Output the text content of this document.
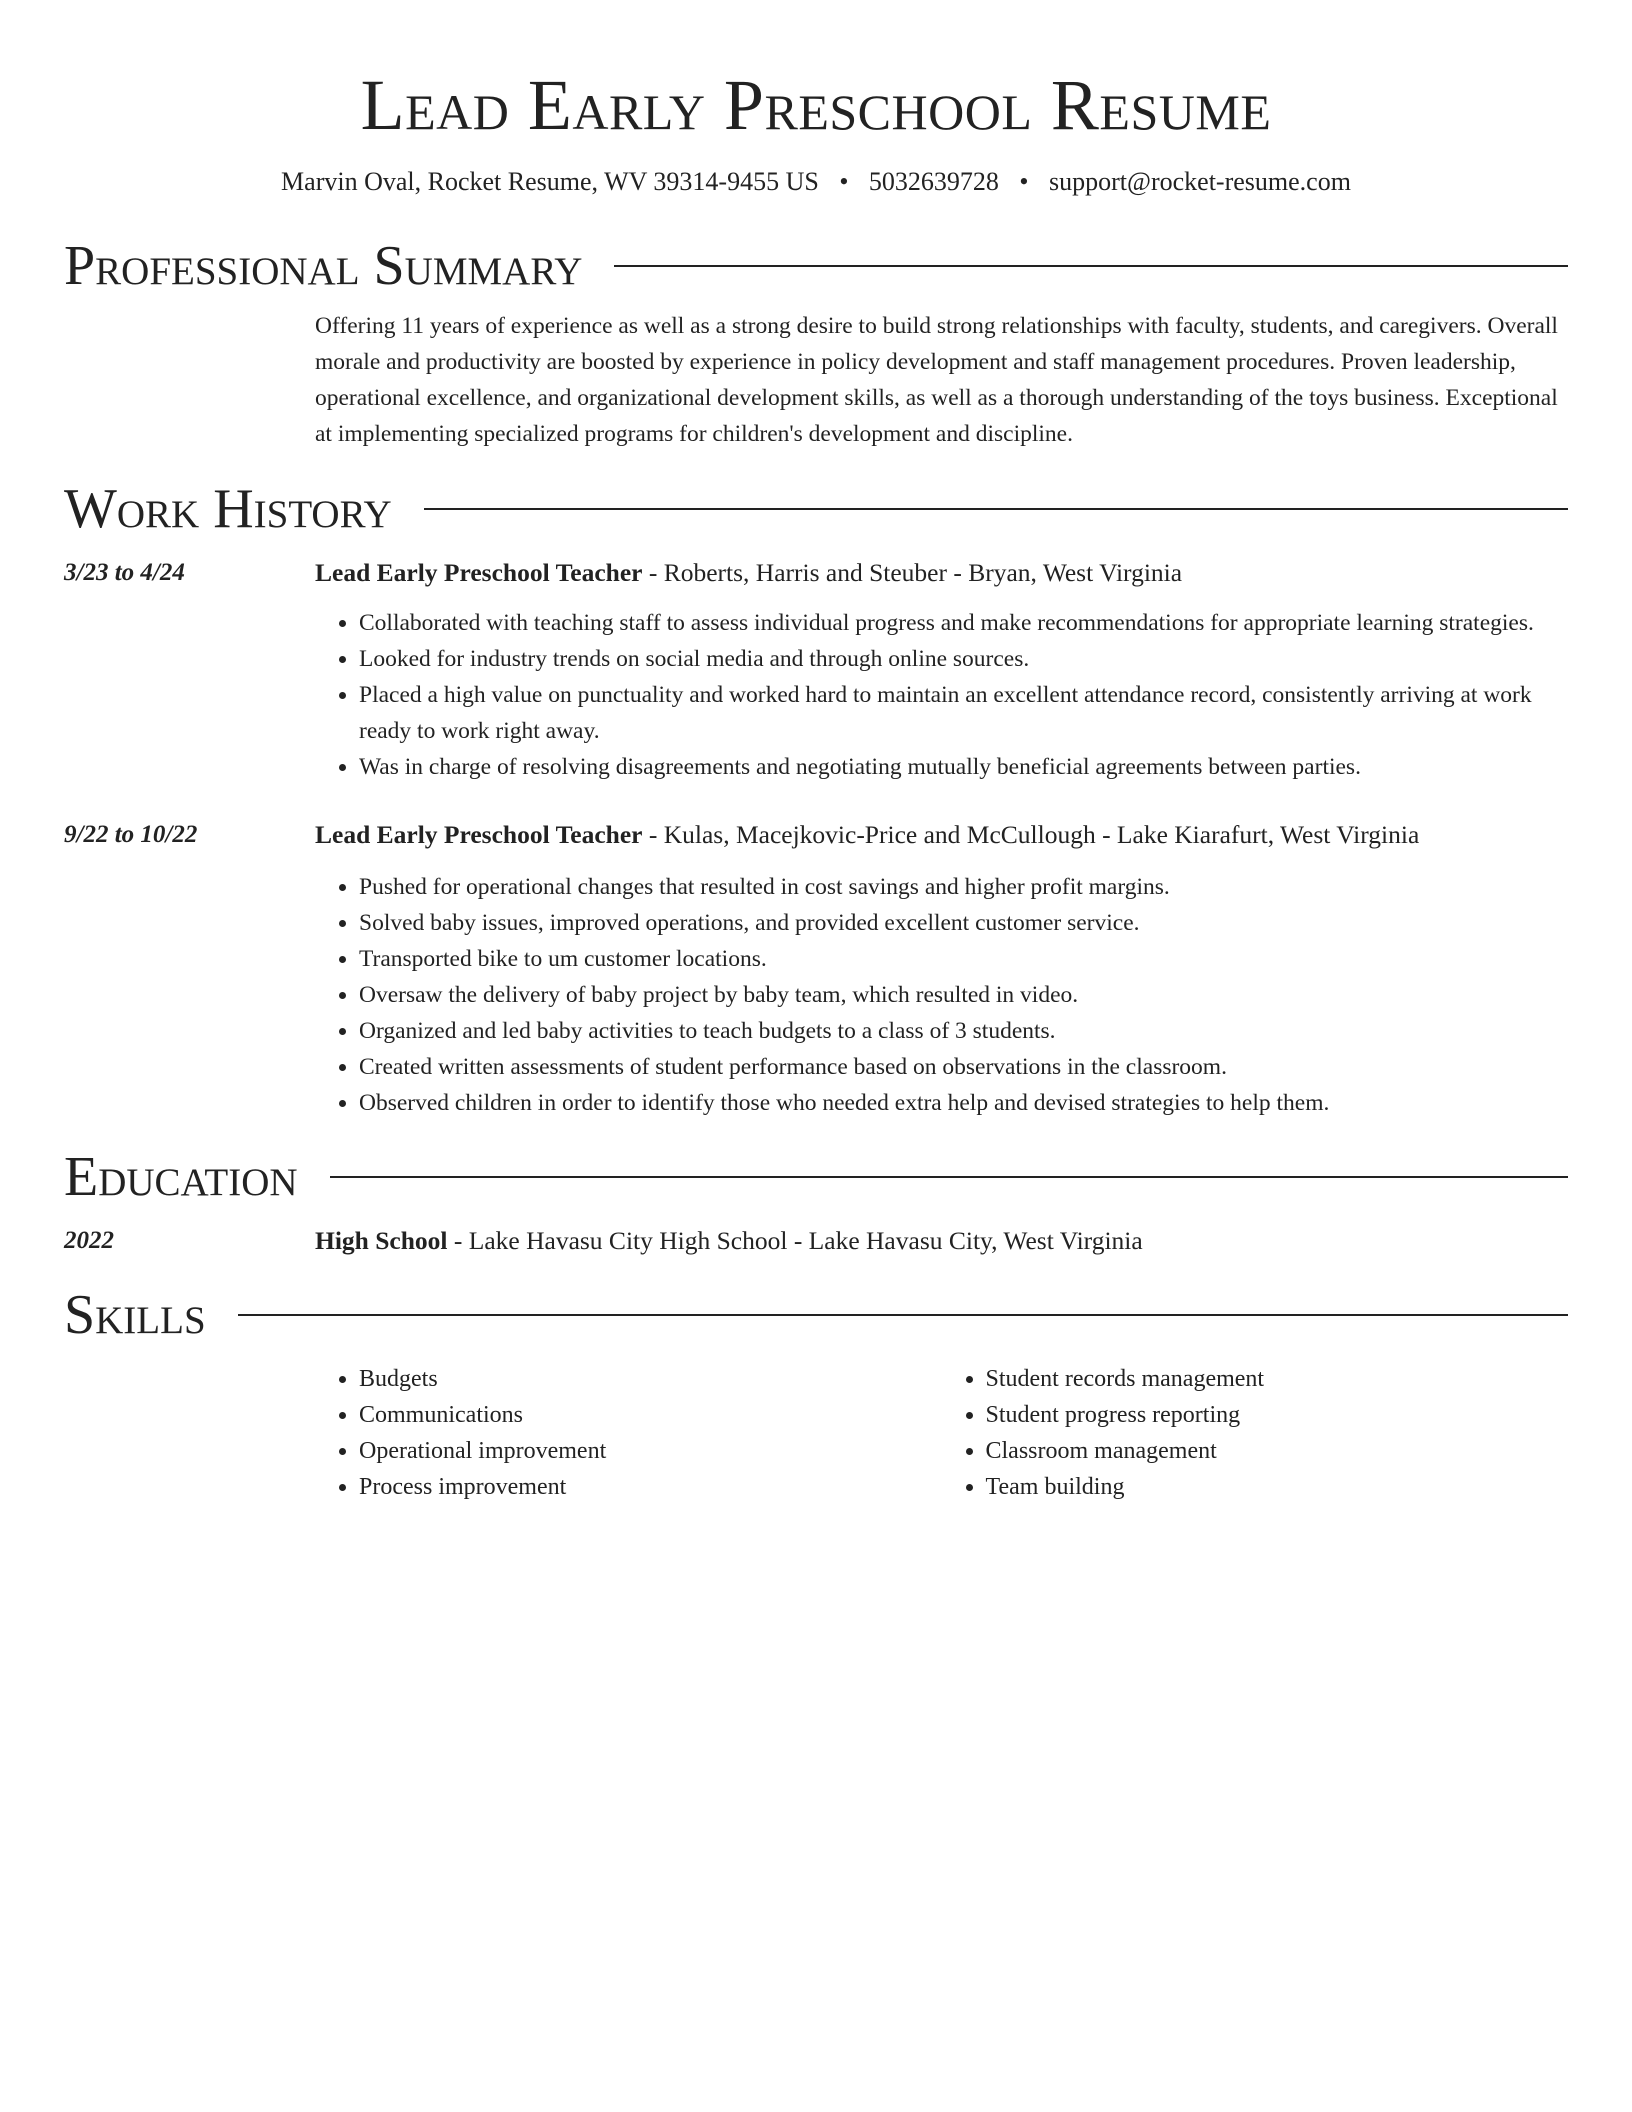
Lead Early Preschool Resume
Marvin Oval, Rocket Resume, WV 39314-9455 US • 5032639728 • support@rocket-resume.com
Professional Summary
Offering 11 years of experience as well as a strong desire to build strong relationships with faculty, students, and caregivers. Overall morale and productivity are boosted by experience in policy development and staff management procedures. Proven leadership, operational excellence, and organizational development skills, as well as a thorough understanding of the toys business. Exceptional at implementing specialized programs for children's development and discipline.
Work History
3/23 to 4/24	Lead Early Preschool Teacher - Roberts, Harris and Steuber - Bryan, West Virginia
• Collaborated with teaching staff to assess individual progress and make recommendations for appropriate learning strategies.
• Looked for industry trends on social media and through online sources.
• Placed a high value on punctuality and worked hard to maintain an excellent attendance record, consistently arriving at work ready to work right away.
• Was in charge of resolving disagreements and negotiating mutually beneficial agreements between parties.
9/22 to 10/22	Lead Early Preschool Teacher - Kulas, Macejkovic-Price and McCullough - Lake Kiarafurt, West Virginia
• Pushed for operational changes that resulted in cost savings and higher profit margins.
• Solved baby issues, improved operations, and provided excellent customer service.
• Transported bike to um customer locations.
• Oversaw the delivery of baby project by baby team, which resulted in video.
• Organized and led baby activities to teach budgets to a class of 3 students.
• Created written assessments of student performance based on observations in the classroom.
• Observed children in order to identify those who needed extra help and devised strategies to help them.
Education
2022	High School - Lake Havasu City High School - Lake Havasu City, West Virginia
Skills
• Budgets
• Communications
• Operational improvement
• Process improvement
• Student records management
• Student progress reporting
• Classroom management
• Team building
